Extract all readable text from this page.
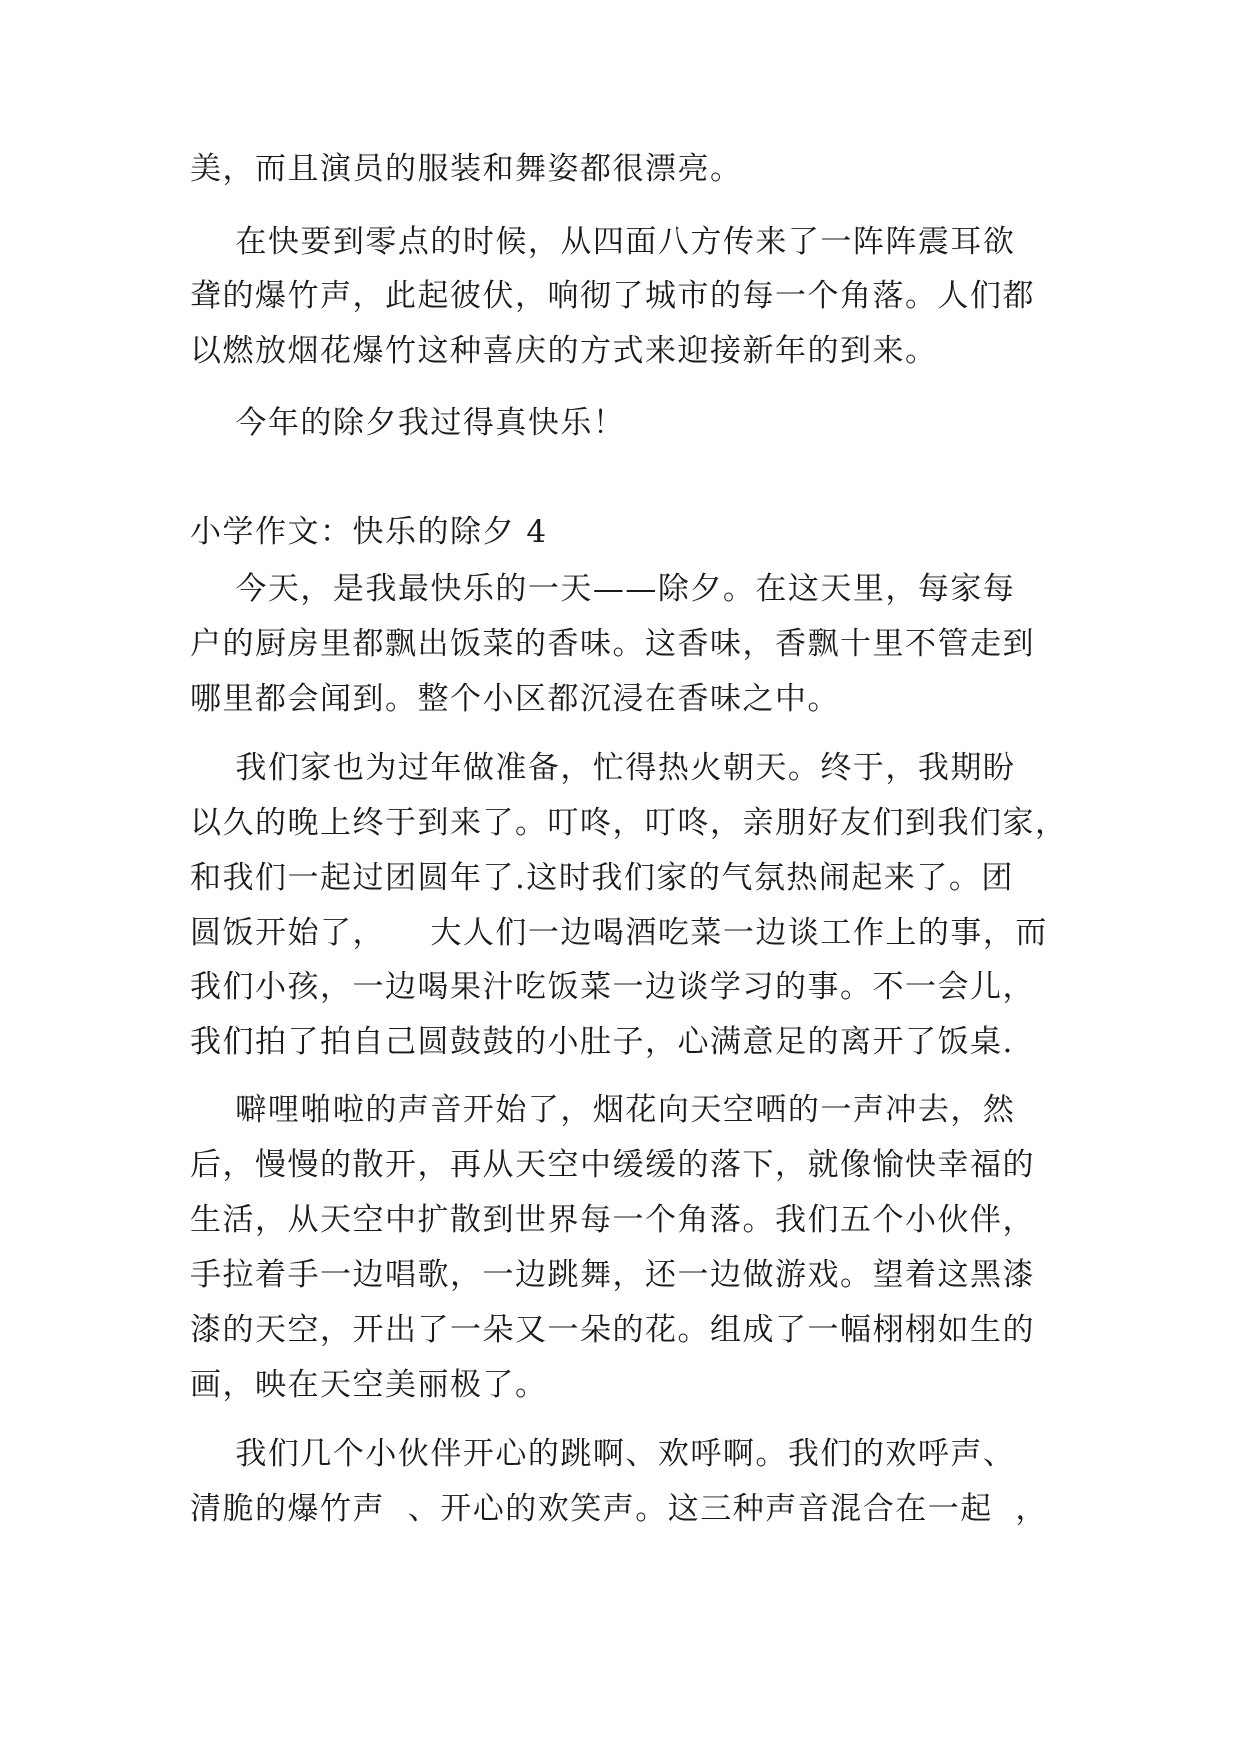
美，而且演员的服装和舞姿都很漂亮。
在快要到零点的时候，从四面八方传来了一阵阵震耳欲
聋的爆竹声，此起彼伏，响彻了城市的每一个角落。人们都
以燃放烟花爆竹这种喜庆的方式来迎接新年的到来。
今年的除夕我过得真快乐！
小学作文：快乐的除夕 4
今天，是我最快乐的一天——除夕。在这天里，每家每
户的厨房里都飘出饭菜的香味。这香味，香飘十里不管走到
哪里都会闻到。整个小区都沉浸在香味之中。
我们家也为过年做准备，忙得热火朝天。终于，我期盼
以久的晚上终于到来了。叮咚，叮咚，亲朋好友们到我们家，
和我们一起过团圆年了.这时我们家的气氛热闹起来了。团
圆饭开始了，    大人们一边喝酒吃菜一边谈工作上的事，而
我们小孩，一边喝果汁吃饭菜一边谈学习的事。不一会儿，
我们拍了拍自己圆鼓鼓的小肚子，心满意足的离开了饭桌.
噼哩啪啦的声音开始了，烟花向天空哂的一声冲去，然
后，慢慢的散开，再从天空中缓缓的落下，就像愉快幸福的
生活，从天空中扩散到世界每一个角落。我们五个小伙伴，
手拉着手一边唱歌，一边跳舞，还一边做游戏。望着这黑漆
漆的天空，开出了一朵又一朵的花。组成了一幅栩栩如生的
画，映在天空美丽极了。
我们几个小伙伴开心的跳啊、欢呼啊。我们的欢呼声、
清脆的爆竹声  、开心的欢笑声。这三种声音混合在一起  ，
